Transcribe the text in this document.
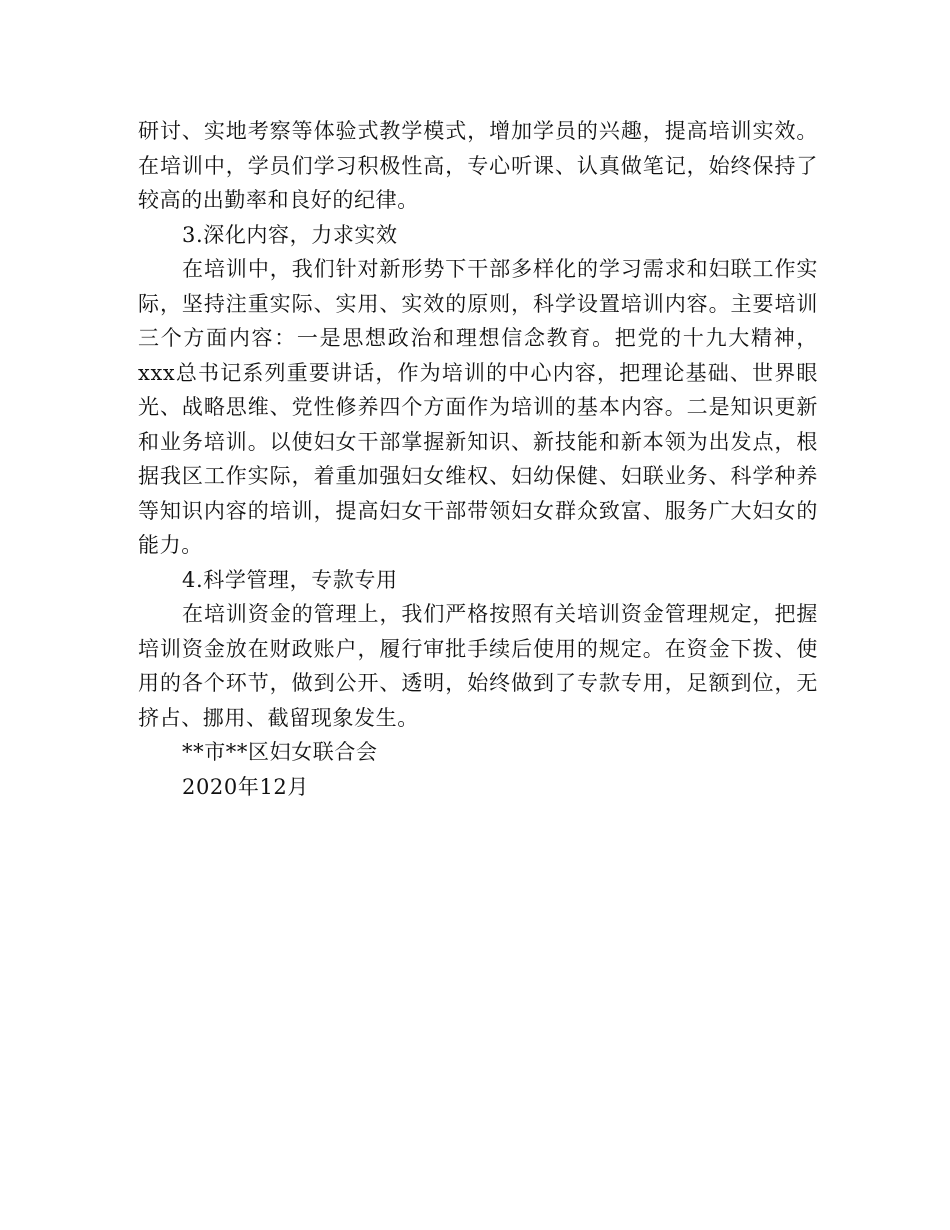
研讨、实地考察等体验式教学模式，增加学员的兴趣，提高培训实效。在培训中，学员们学习积极性高，专心听课、认真做笔记，始终保持了较高的出勤率和良好的纪律。

3.深化内容，力求实效

在培训中，我们针对新形势下干部多样化的学习需求和妇联工作实际，坚持注重实际、实用、实效的原则，科学设置培训内容。主要培训三个方面内容：一是思想政治和理想信念教育。把党的十九大精神，xxx总书记系列重要讲话，作为培训的中心内容，把理论基础、世界眼光、战略思维、党性修养四个方面作为培训的基本内容。二是知识更新和业务培训。以使妇女干部掌握新知识、新技能和新本领为出发点，根据我区工作实际，着重加强妇女维权、妇幼保健、妇联业务、科学种养等知识内容的培训，提高妇女干部带领妇女群众致富、服务广大妇女的能力。

4.科学管理，专款专用

在培训资金的管理上，我们严格按照有关培训资金管理规定，把握培训资金放在财政账户，履行审批手续后使用的规定。在资金下拨、使用的各个环节，做到公开、透明，始终做到了专款专用，足额到位，无挤占、挪用、截留现象发生。

**市**区妇女联合会

2020年12月
